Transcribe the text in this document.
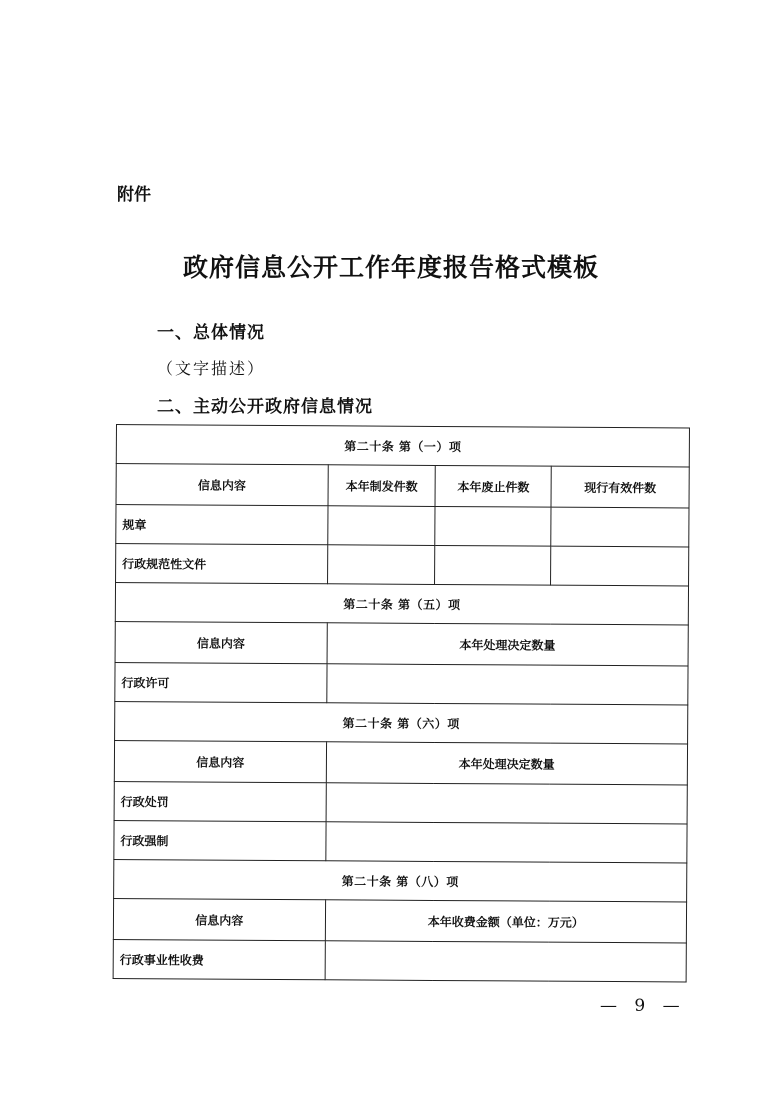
附件
政府信息公开工作年度报告格式模板
一、总体情况
（文字描述）
二、主动公开政府信息情况
第二十条 第（一）项			
信息内容	本年制发件数	本年废止件数	现行有效件数
规章			
行政规范性文件			
第二十条 第（五）项			
信息内容	本年处理决定数量		
行政许可			
第二十条 第（六）项			
信息内容	本年处理决定数量		
行政处罚			
行政强制			
第二十条 第（八）项			
信息内容	本年收费金额（单位：万元）		
行政事业性收费			
— 9 —
